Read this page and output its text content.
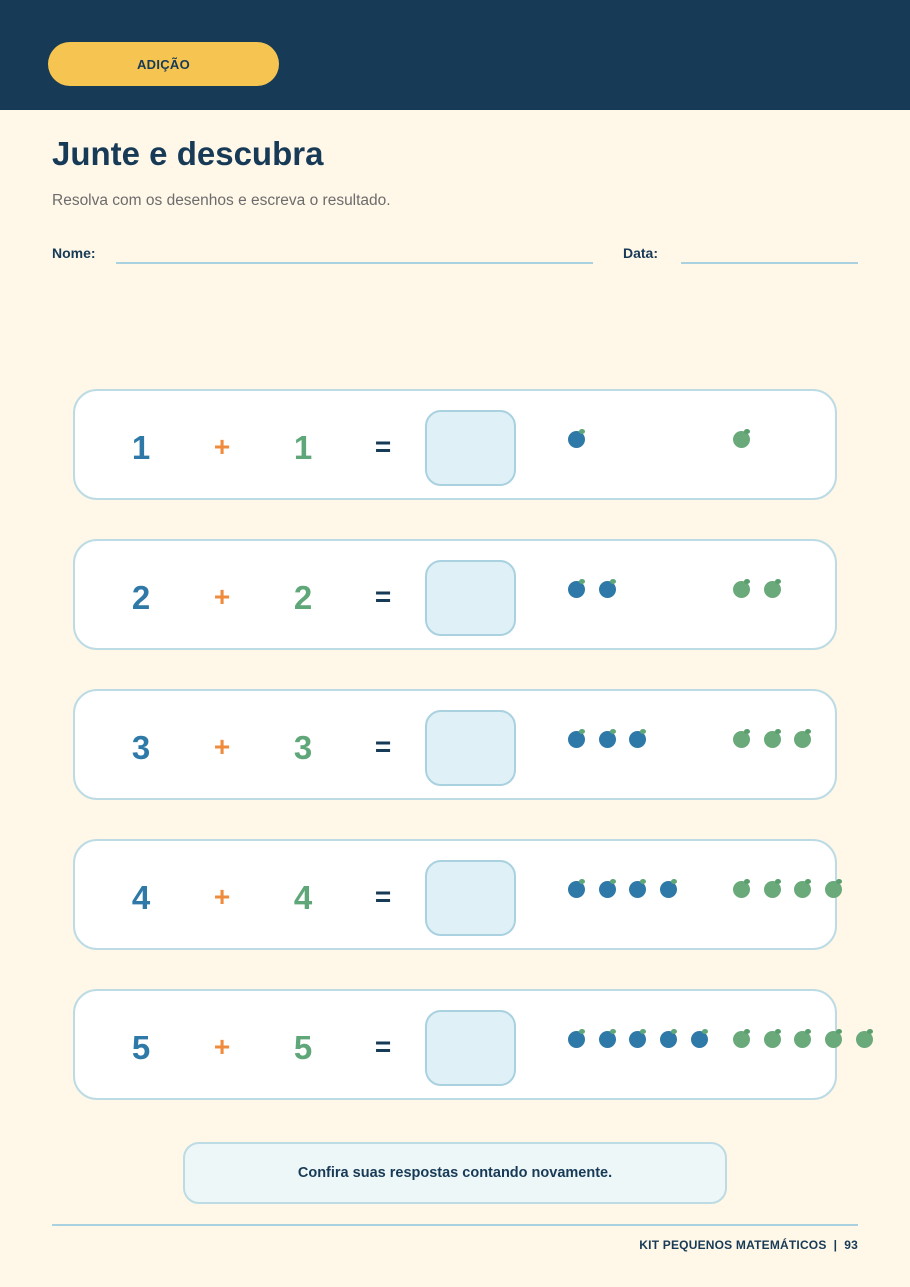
ADIÇÃO
Junte e descubra

Resolva com os desenhos e escreva o resultado.

Nome:	Data:
1	+	1	=
2	+	2	=
3	+	3	=
4	+	4	=
5	+	5	=
Confira suas respostas contando novamente.
KIT PEQUENOS MATEMÁTICOS  |  93
